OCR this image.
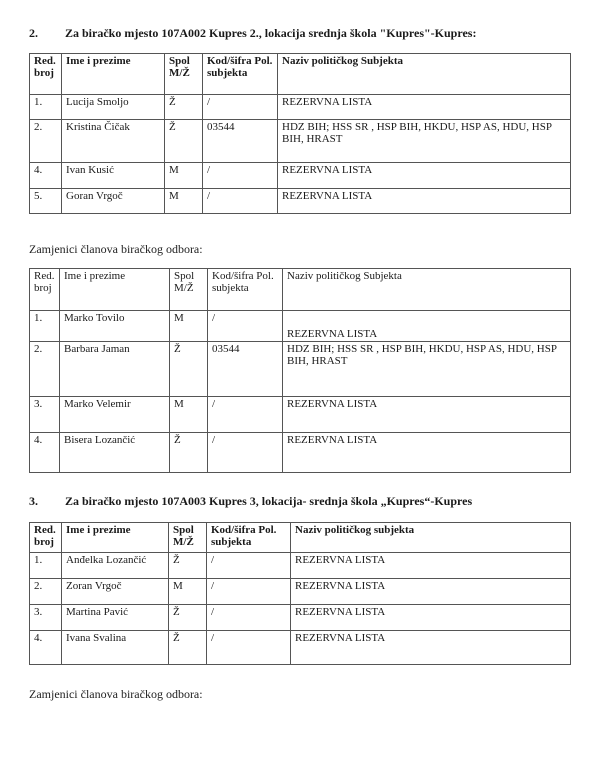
2. Za biračko mjesto 107A002 Kupres 2., lokacija srednja škola "Kupres"-Kupres:
Red. broj	Ime i prezime	Spol M/Ž	Kod/šifra Pol. subjekta	Naziv političkog Subjekta
1.	Lucija Smoljo	Ž	/	REZERVNA LISTA
2.	Kristina Čičak	Ž	03544	HDZ BIH; HSS SR , HSP BIH, HKDU, HSP AS, HDU, HSP BIH, HRAST
4.	Ivan Kusić	M	/	REZERVNA LISTA
5.	Goran Vrgoč	M	/	REZERVNA LISTA
Zamjenici članova biračkog odbora:
Red. broj	Ime i prezime	Spol M/Ž	Kod/šifra Pol. subjekta	Naziv političkog Subjekta
1.	Marko Tovilo	M	/	REZERVNA LISTA
2.	Barbara Jaman	Ž	03544	HDZ BIH; HSS SR , HSP BIH, HKDU, HSP AS, HDU, HSP BIH, HRAST
3.	Marko Velemir	M	/	REZERVNA LISTA
4.	Bisera Lozančić	Ž	/	REZERVNA LISTA
3. Za biračko mjesto 107A003 Kupres 3, lokacija- srednja škola „Kupres“-Kupres
Red. broj	Ime i prezime	Spol M/Ž	Kod/šifra Pol. subjekta	Naziv političkog subjekta
1.	Anđelka Lozančić	Ž	/	REZERVNA LISTA
2.	Zoran Vrgoč	M	/	REZERVNA LISTA
3.	Martina Pavić	Ž	/	REZERVNA LISTA
4.	Ivana Svalina	Ž	/	REZERVNA LISTA
Zamjenici članova biračkog odbora:
